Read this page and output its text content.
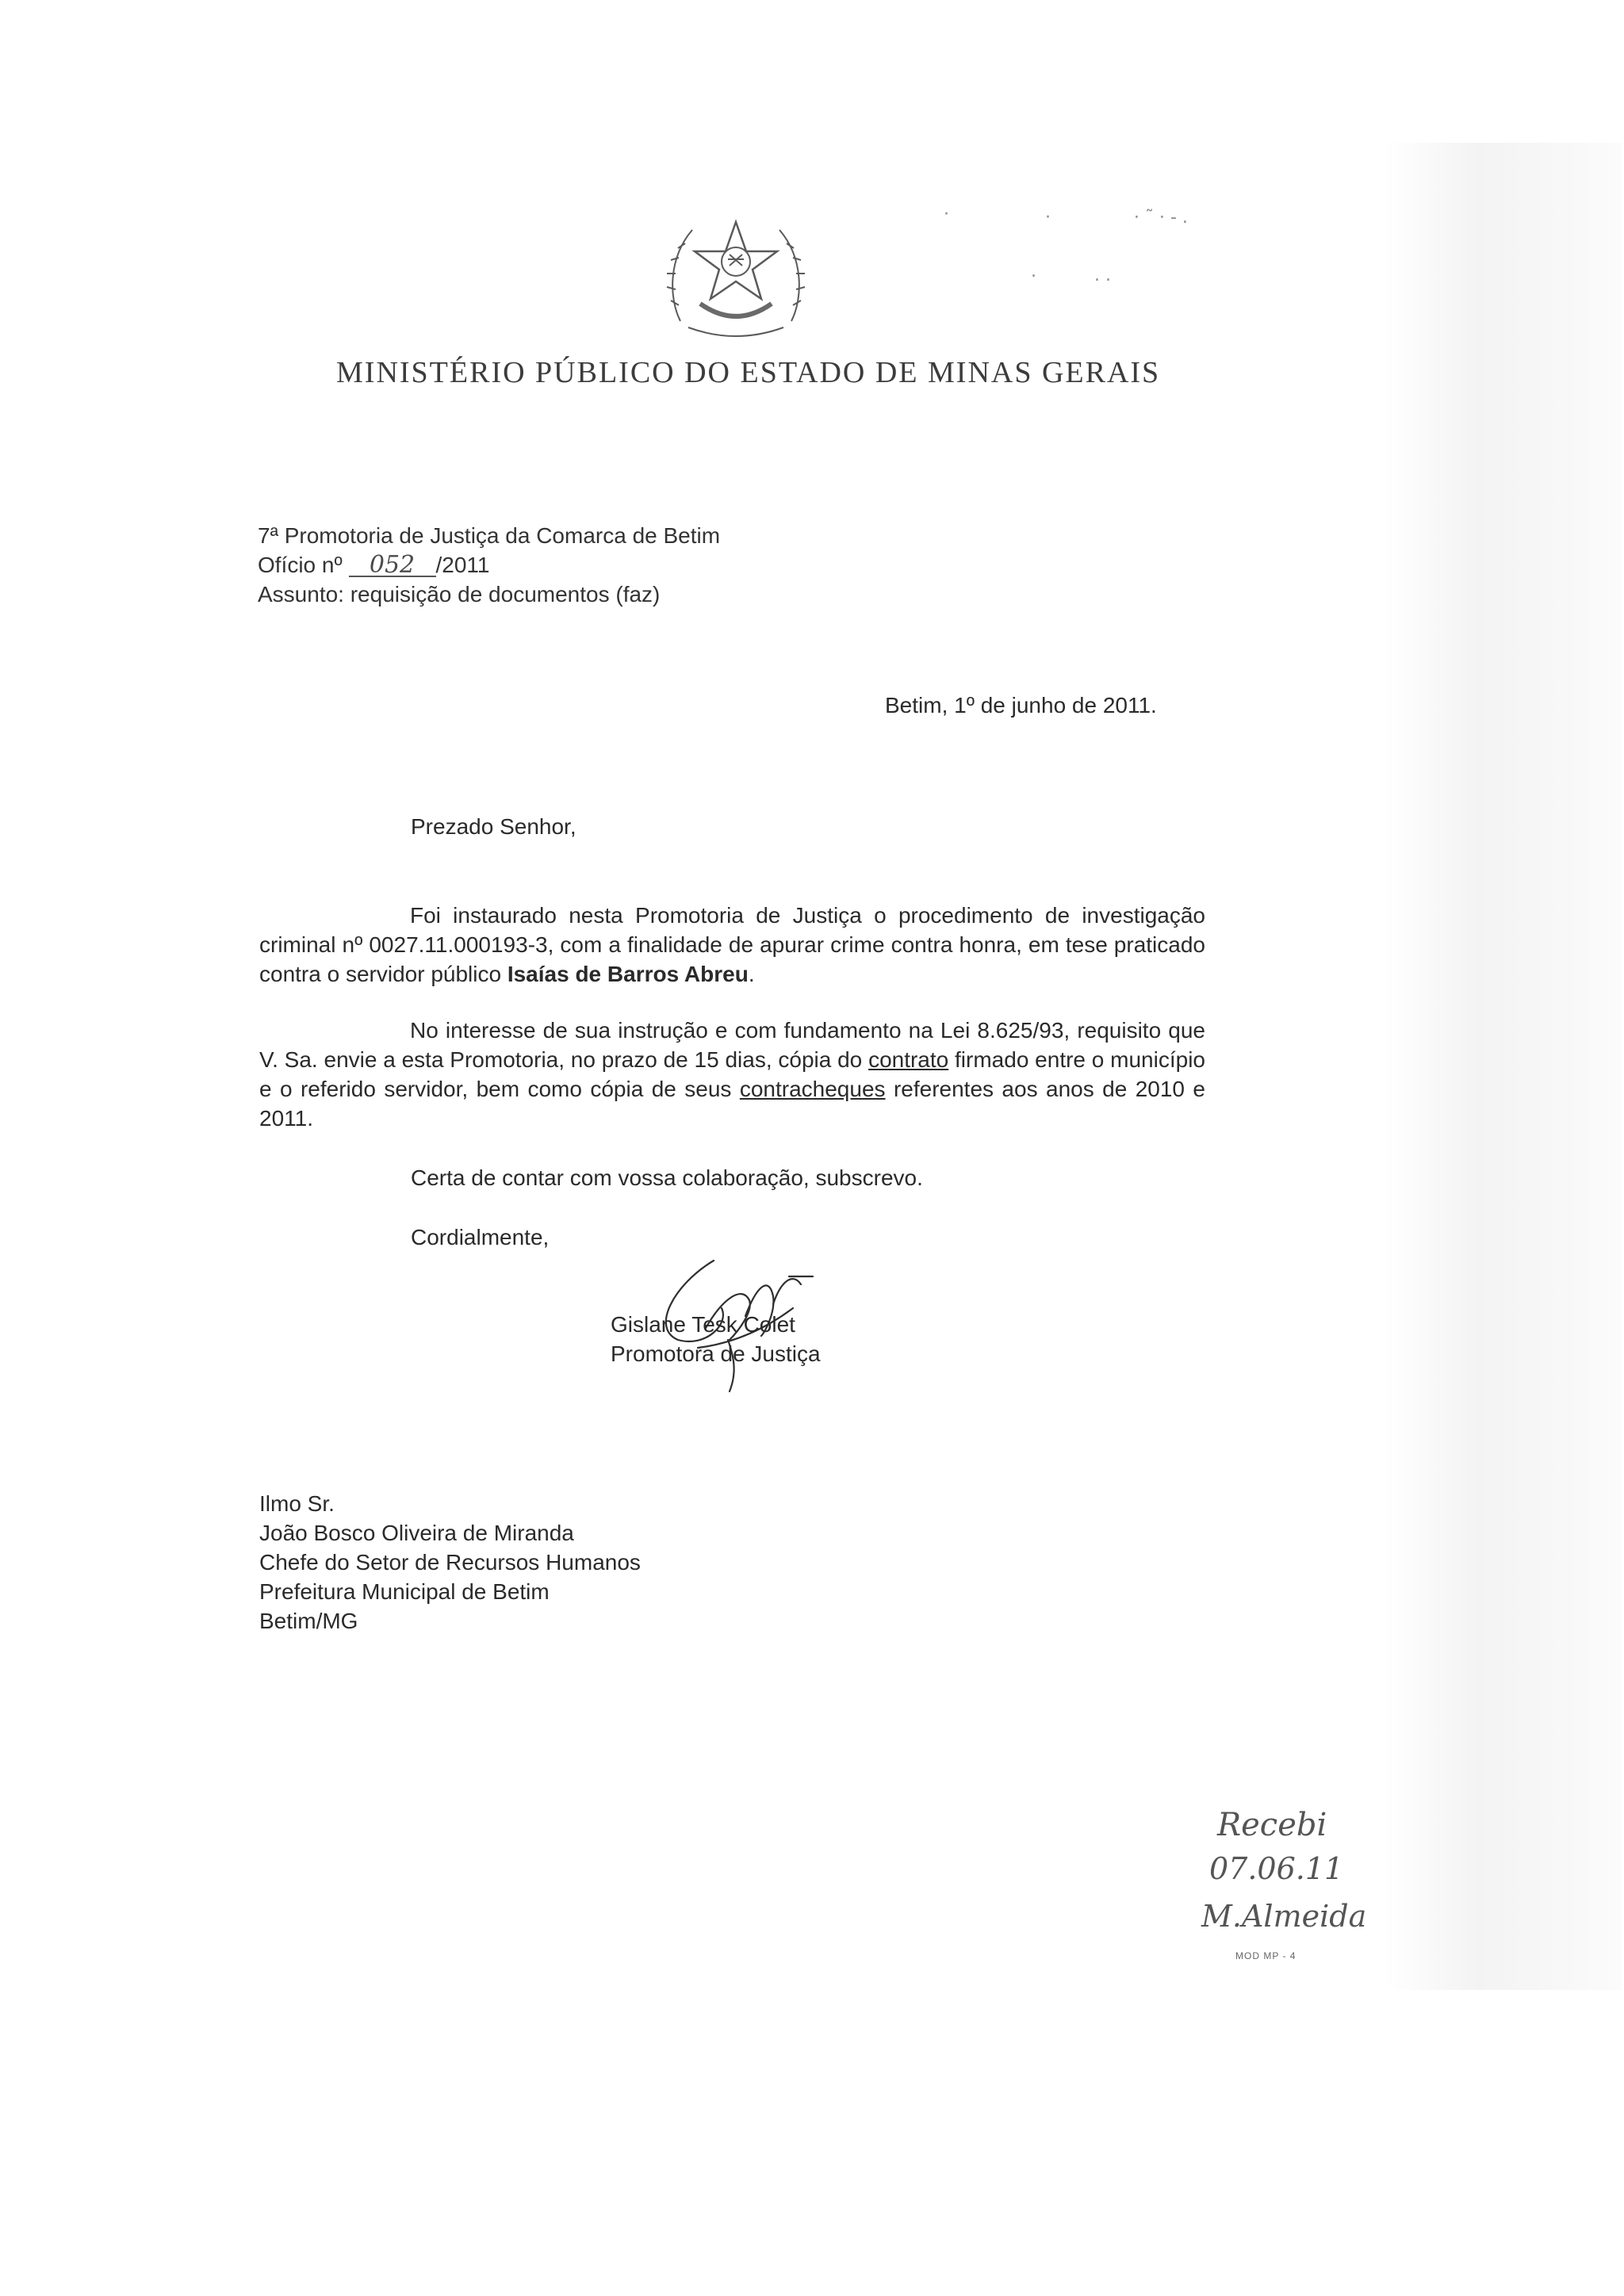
·	·	⋅ ˜ ⋅ ‐ .
.	. .
MINISTÉRIO PÚBLICO DO ESTADO DE MINAS GERAIS
7ª Promotoria de Justiça da Comarca de Betim
Ofício nº 052 /2011
Assunto: requisição de documentos (faz)
Betim, 1º de junho de 2011.
Prezado Senhor,
Foi instaurado nesta Promotoria de Justiça o procedimento de investigação criminal nº 0027.11.000193-3, com a finalidade de apurar crime contra honra, em tese praticado contra o servidor público Isaías de Barros Abreu.
No interesse de sua instrução e com fundamento na Lei 8.625/93, requisito que V. Sa. envie a esta Promotoria, no prazo de 15 dias, cópia do contrato firmado entre o município e o referido servidor, bem como cópia de seus contracheques referentes aos anos de 2010 e 2011.
Certa de contar com vossa colaboração, subscrevo.
Cordialmente,
Gislane Tesk Colet
Promotora de Justiça
Ilmo Sr.
João Bosco Oliveira de Miranda
Chefe do Setor de Recursos Humanos
Prefeitura Municipal de Betim
Betim/MG
Recebi
07.06.11
M.Almeida
MOD MP - 4
